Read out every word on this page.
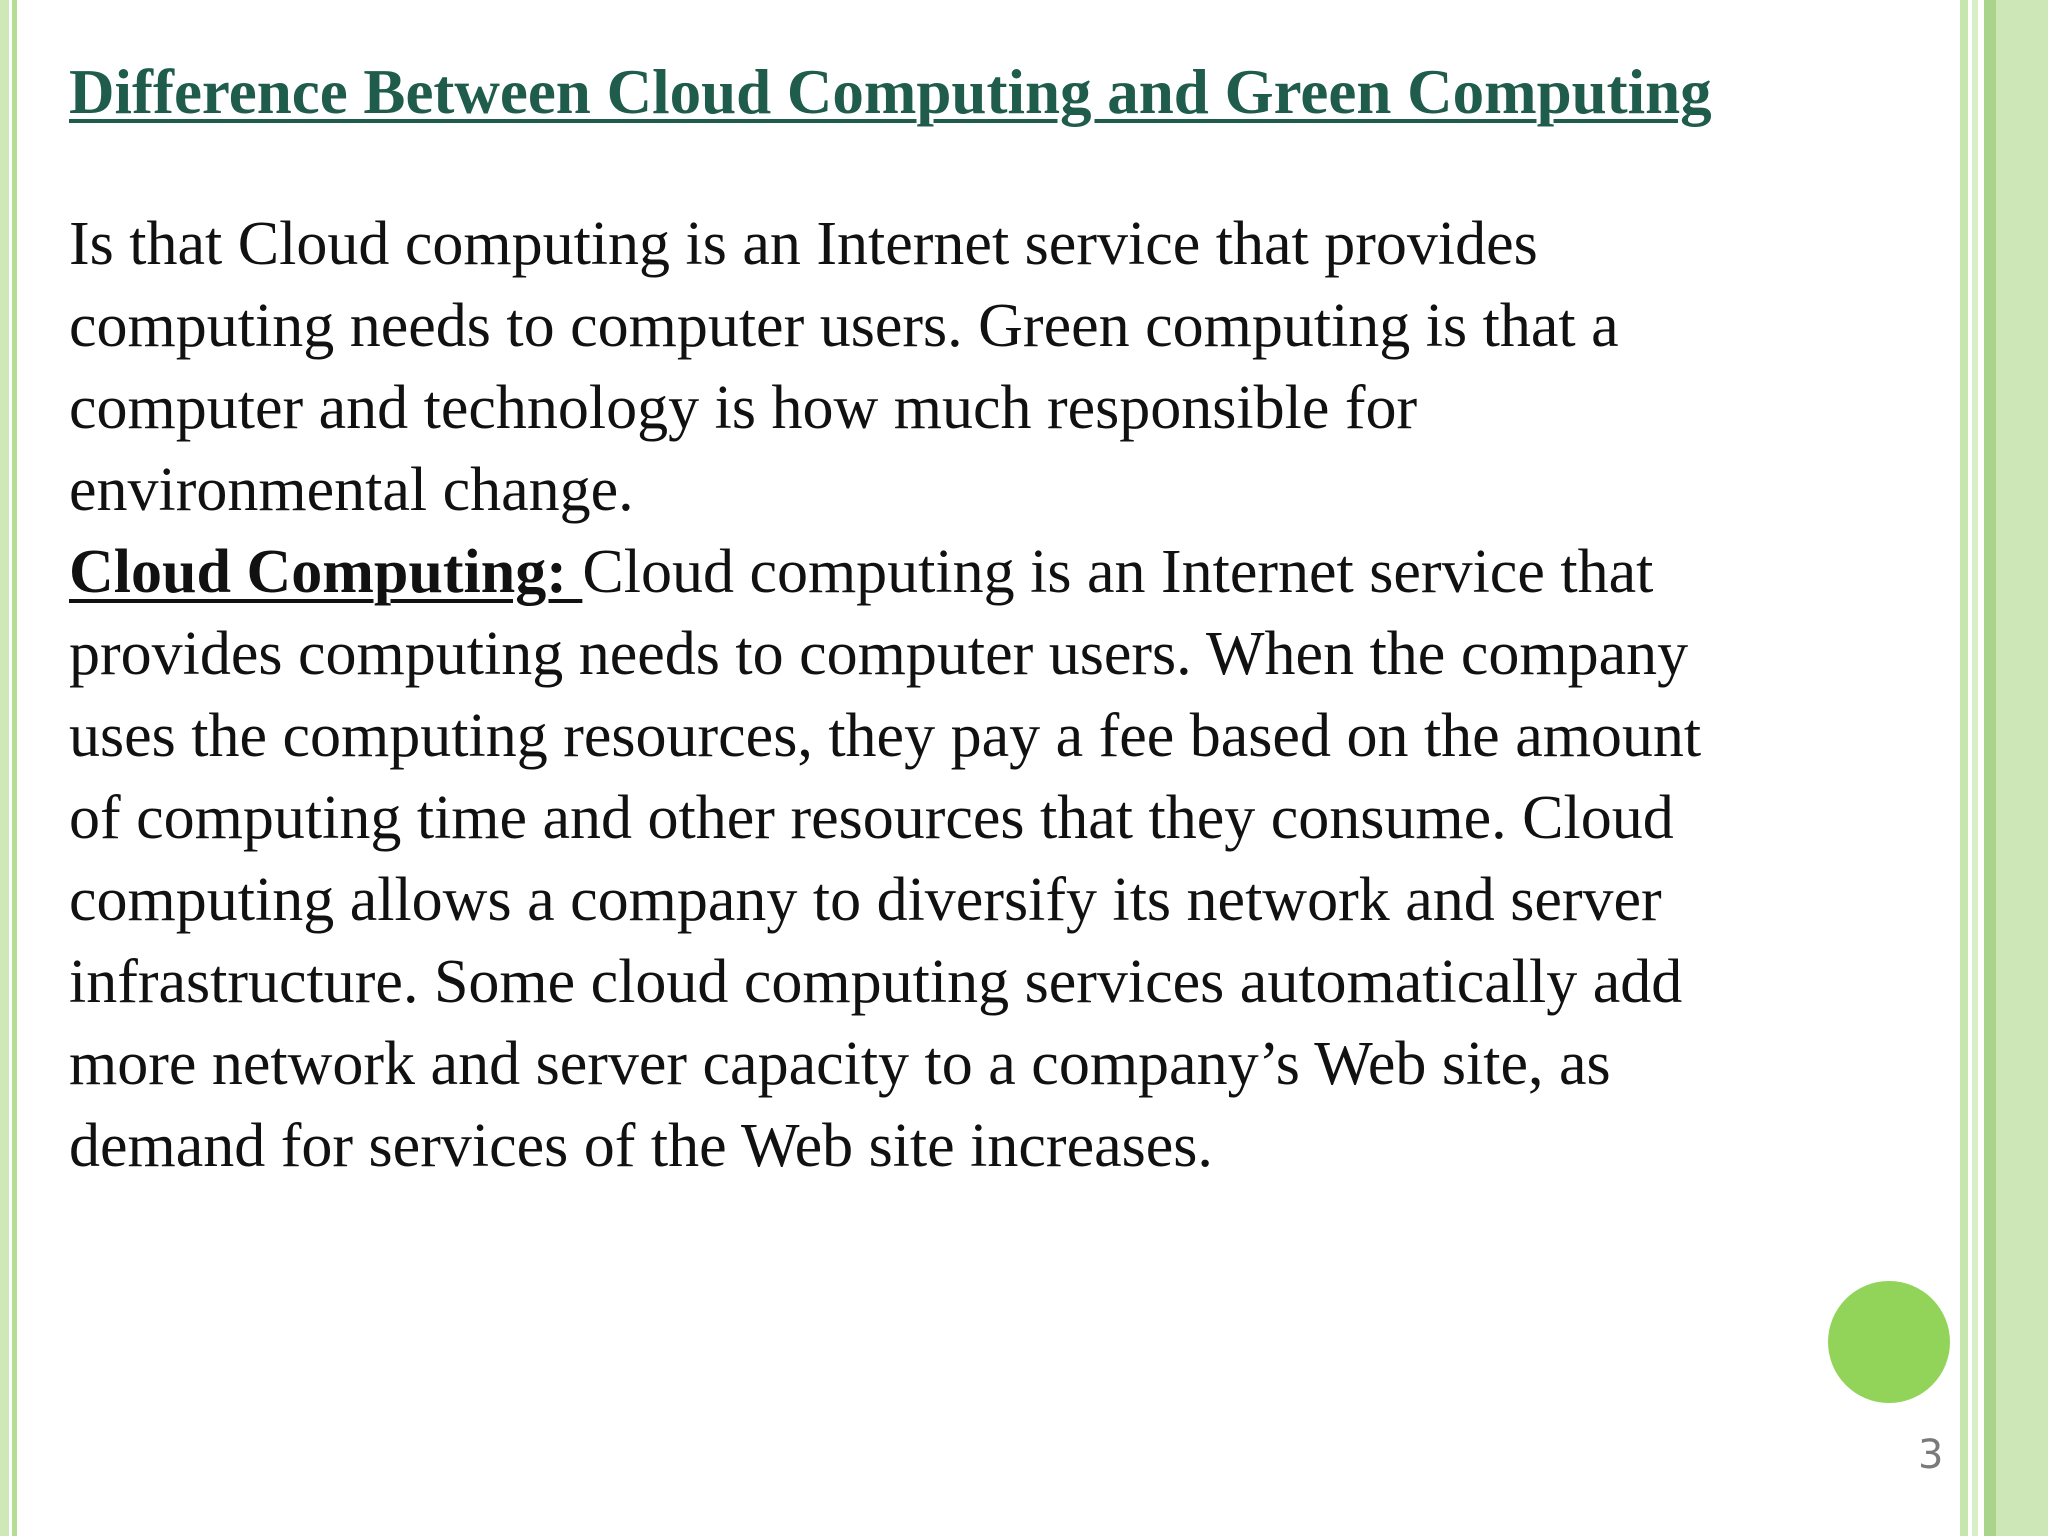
Difference Between Cloud Computing and Green Computing

Is that Cloud computing is an Internet service that provides
computing needs to computer users. Green computing is that a
computer and technology is how much responsible for
environmental change.

Cloud Computing: Cloud computing is an Internet service that
provides computing needs to computer users. When the company
uses the computing resources, they pay a fee based on the amount
of computing time and other resources that they consume. Cloud
computing allows a company to diversify its network and server
infrastructure. Some cloud computing services automatically add
more network and server capacity to a company’s Web site, as
demand for services of the Web site increases.

3
